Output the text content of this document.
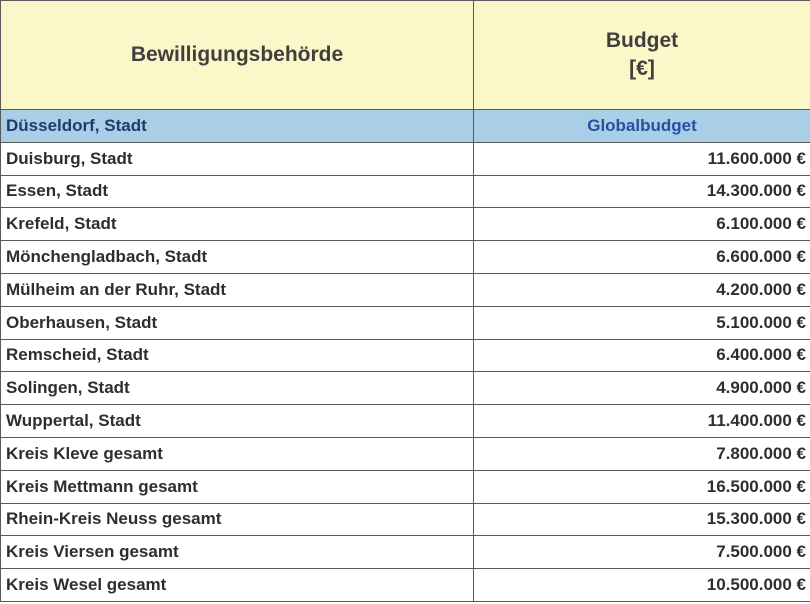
Bewilligungsbehörde	Budget
[€]

Düsseldorf, Stadt	Globalbudget
Duisburg, Stadt	11.600.000 €
Essen, Stadt	14.300.000 €
Krefeld, Stadt	6.100.000 €
Mönchengladbach, Stadt	6.600.000 €
Mülheim an der Ruhr, Stadt	4.200.000 €
Oberhausen, Stadt	5.100.000 €
Remscheid, Stadt	6.400.000 €
Solingen, Stadt	4.900.000 €
Wuppertal, Stadt	11.400.000 €
Kreis Kleve gesamt	7.800.000 €
Kreis Mettmann gesamt	16.500.000 €
Rhein-Kreis Neuss gesamt	15.300.000 €
Kreis Viersen gesamt	7.500.000 €
Kreis Wesel gesamt	10.500.000 €
